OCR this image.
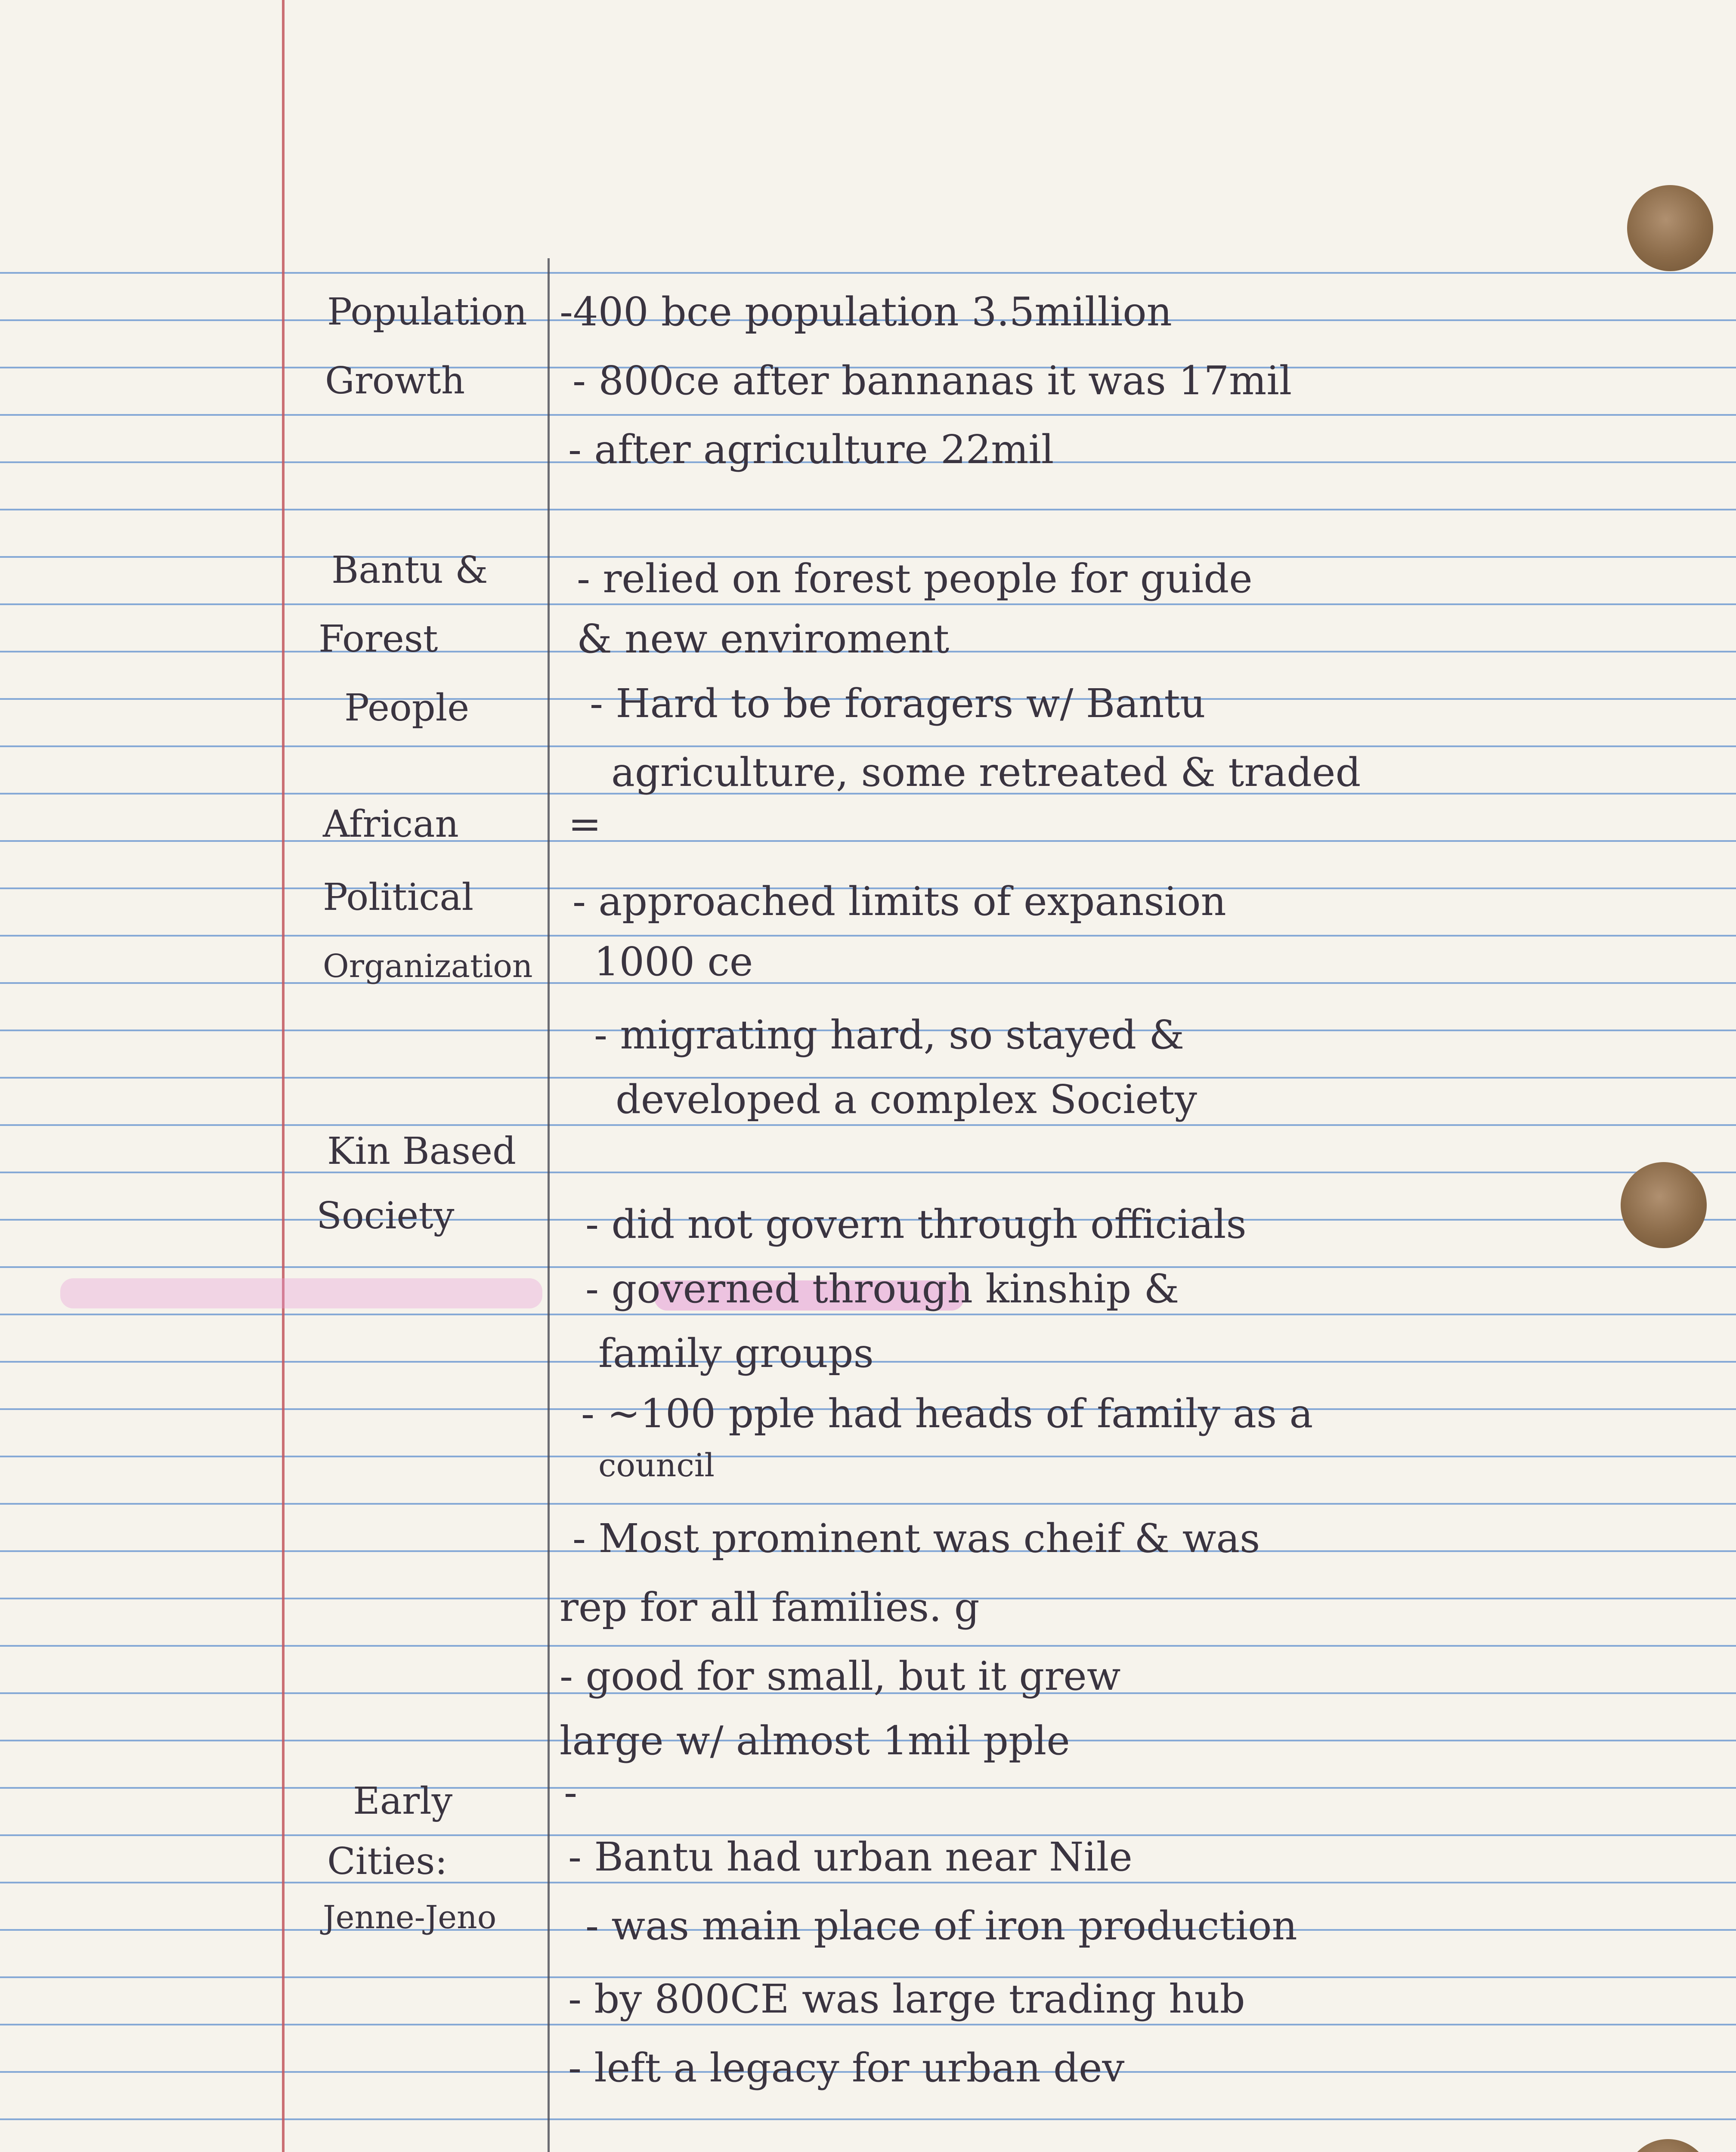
Population
Growth
Bantu &
Forest
People
African
Political
Organization
Kin Based
Society
Early
Cities:
Jenne-Jeno
-400 bce population 3.5million
- 800ce after bannanas it was 17mil
- after agriculture 22mil
- relied on forest people for guide
& new enviroment
- Hard to be foragers w/ Bantu
agriculture, some retreated & traded
=
- approached limits of expansion
1000 ce
- migrating hard, so stayed &
developed a complex Society
- did not govern through officials
- governed through kinship &
family groups
- ~100 pple had heads of family as a
council
- Most prominent was cheif & was
rep for all families. g
- good for small, but it grew
large w/ almost 1mil pple
-
- Bantu had urban near Nile
- was main place of iron production
- by 800CE was large trading hub
- left a legacy for urban dev
